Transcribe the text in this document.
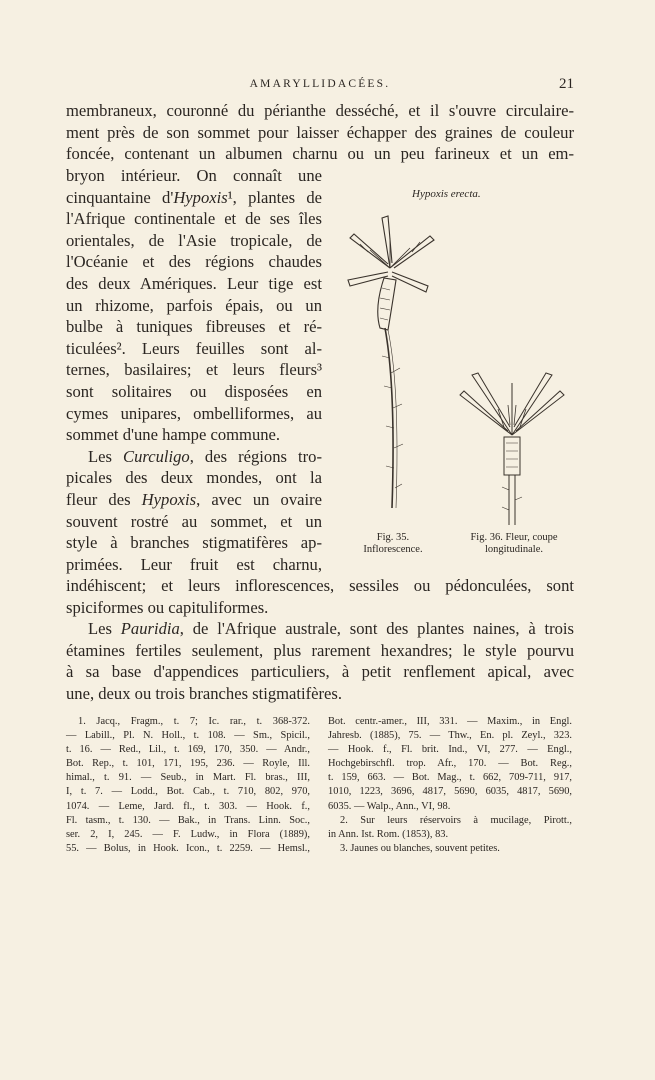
AMARYLLIDACÉES.	21

membraneux, couronné du périanthe desséché, et il s'ouvre circulaire-

ment près de son sommet pour laisser échapper des graines de couleur

foncée, contenant un albumen charnu ou un peu farineux et un em-

bryon intérieur. On connaît une

cinquantaine d'Hypoxis¹, plantes de

l'Afrique continentale et de ses îles

orientales, de l'Asie tropicale, de

l'Océanie et des régions chaudes

des deux Amériques. Leur tige est

un rhizome, parfois épais, ou un

bulbe à tuniques fibreuses et ré-

ticulées². Leurs feuilles sont al-

ternes, basilaires; et leurs fleurs³

sont solitaires ou disposées en

cymes unipares, ombelliformes, au

sommet d'une hampe commune.

Les Curculigo, des régions tro-

picales des deux mondes, ont la

fleur des Hypoxis, avec un ovaire

souvent rostré au sommet, et un

style à branches stigmatifères ap-

primées. Leur fruit est charnu,

Hypoxis erecta.
Fig. 35.
Inflorescence.
Fig. 36. Fleur, coupe
longitudinale.

indéhiscent; et leurs inflorescences, sessiles ou pédonculées, sont

spiciformes ou capituliformes.

Les Pauridia, de l'Afrique australe, sont des plantes naines, à trois

étamines fertiles seulement, plus rarement hexandres; le style pourvu

à sa base d'appendices particuliers, à petit renflement apical, avec

une, deux ou trois branches stigmatifères.

1. Jacq., Fragm., t. 7; Ic. rar., t. 368-372.

— Labill., Pl. N. Holl., t. 108. — Sm., Spicil.,

t. 16. — Red., Lil., t. 169, 170, 350. — Andr.,

Bot. Rep., t. 101, 171, 195, 236. — Royle, Ill.

himal., t. 91. — Seub., in Mart. Fl. bras., III,

I, t. 7. — Lodd., Bot. Cab., t. 710, 802, 970,

1074. — Leme, Jard. fl., t. 303. — Hook. f.,

Fl. tasm., t. 130. — Bak., in Trans. Linn. Soc.,

ser. 2, I, 245. — F. Ludw., in Flora (1889),

55. — Bolus, in Hook. Icon., t. 2259. — Hemsl.,

Bot. centr.-amer., III, 331. — Maxim., in Engl.

Jahresb. (1885), 75. — Thw., En. pl. Zeyl., 323.

— Hook. f., Fl. brit. Ind., VI, 277. — Engl.,

Hochgebirschfl. trop. Afr., 170. — Bot. Reg.,

t. 159, 663. — Bot. Mag., t. 662, 709-711, 917,

1010, 1223, 3696, 4817, 5690, 6035, 4817, 5690,

6035. — Walp., Ann., VI, 98.

2. Sur leurs réservoirs à mucilage, Pirott.,

in Ann. Ist. Rom. (1853), 83.

3. Jaunes ou blanches, souvent petites.
